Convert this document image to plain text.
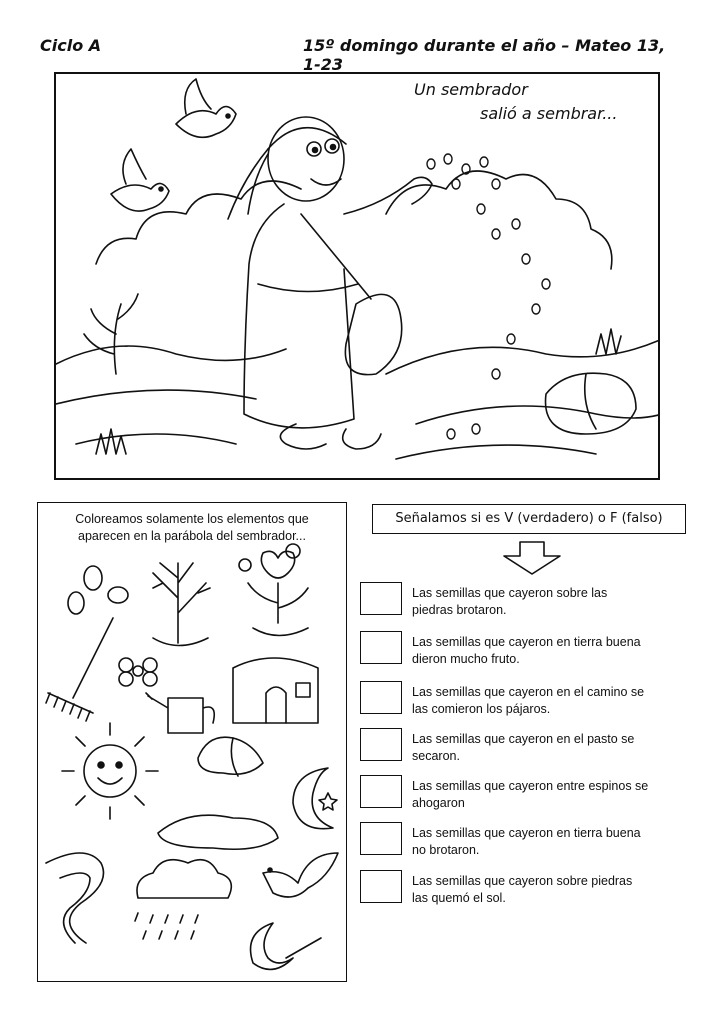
Ciclo A	15º domingo durante el año – Mateo 13, 1-23
Un sembrador
salió a sembrar...
Coloreamos solamente los elementos que
aparecen en la parábola del sembrador...
Señalamos si es V (verdadero) o F (falso)
Las semillas que cayeron sobre las
piedras brotaron.
Las semillas que cayeron en tierra buena
dieron mucho fruto.
Las semillas que cayeron en el camino se
las comieron los pájaros.
Las semillas que cayeron en el pasto se
secaron.
Las semillas que cayeron entre espinos se
ahogaron
Las semillas que cayeron en tierra buena
no brotaron.
Las semillas que cayeron sobre piedras
las quemó el sol.
